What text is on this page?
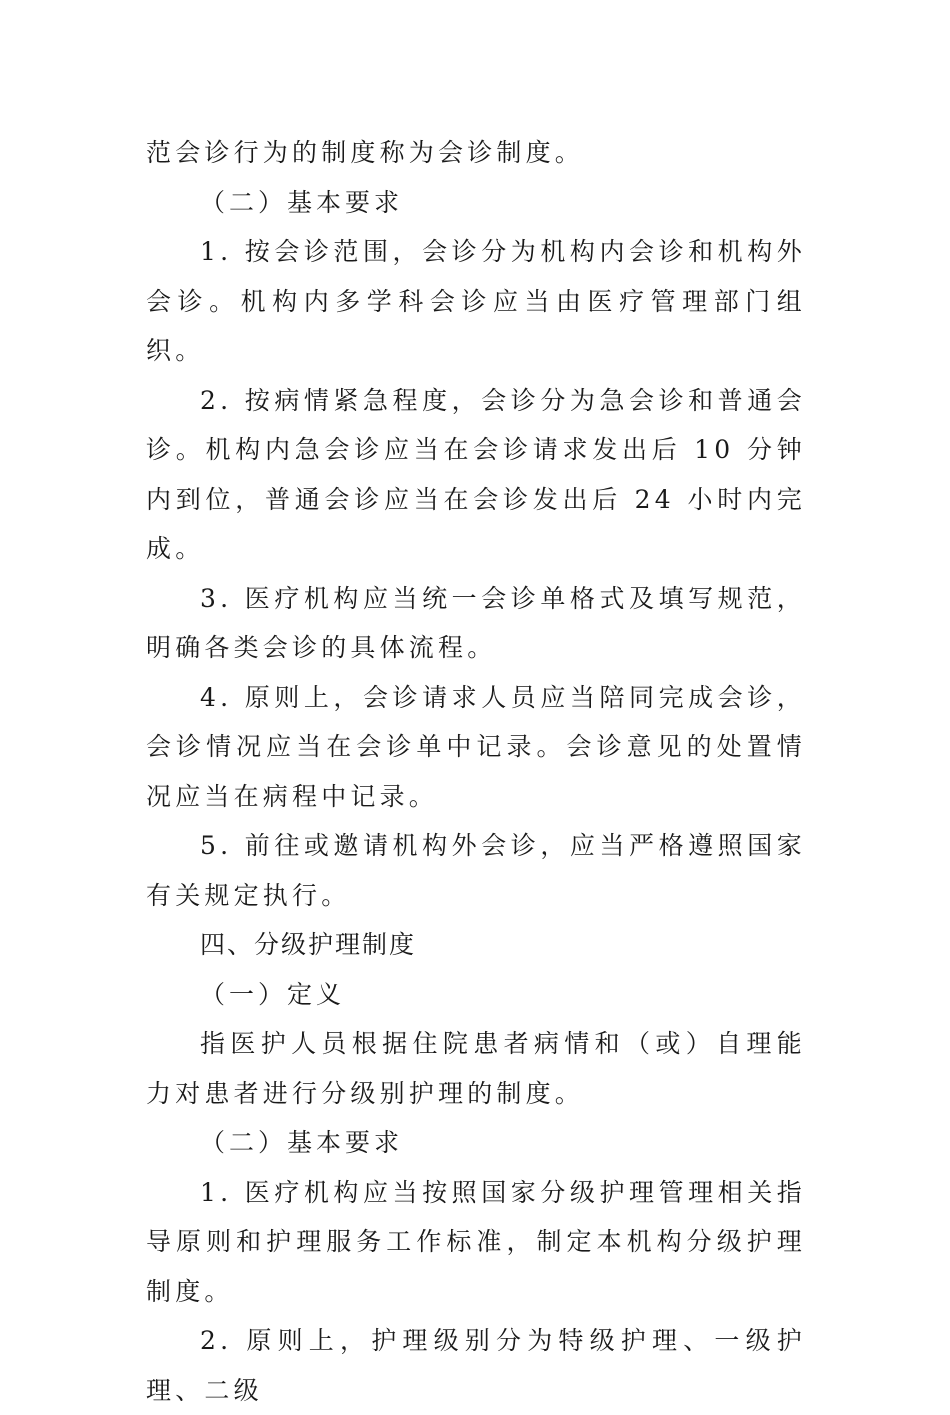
范会诊行为的制度称为会诊制度。

（二）基本要求

1. 按会诊范围，会诊分为机构内会诊和机构外会诊。机构内多学科会诊应当由医疗管理部门组织。

2. 按病情紧急程度，会诊分为急会诊和普通会诊。机构内急会诊应当在会诊请求发出后 10 分钟内到位，普通会诊应当在会诊发出后 24 小时内完成。

3. 医疗机构应当统一会诊单格式及填写规范，明确各类会诊的具体流程。

4. 原则上，会诊请求人员应当陪同完成会诊，会诊情况应当在会诊单中记录。会诊意见的处置情况应当在病程中记录。

5. 前往或邀请机构外会诊，应当严格遵照国家有关规定执行。

四、分级护理制度

（一）定义

指医护人员根据住院患者病情和（或）自理能力对患者进行分级别护理的制度。

（二）基本要求

1. 医疗机构应当按照国家分级护理管理相关指导原则和护理服务工作标准，制定本机构分级护理制度。

2. 原则上，护理级别分为特级护理、一级护理、二级
